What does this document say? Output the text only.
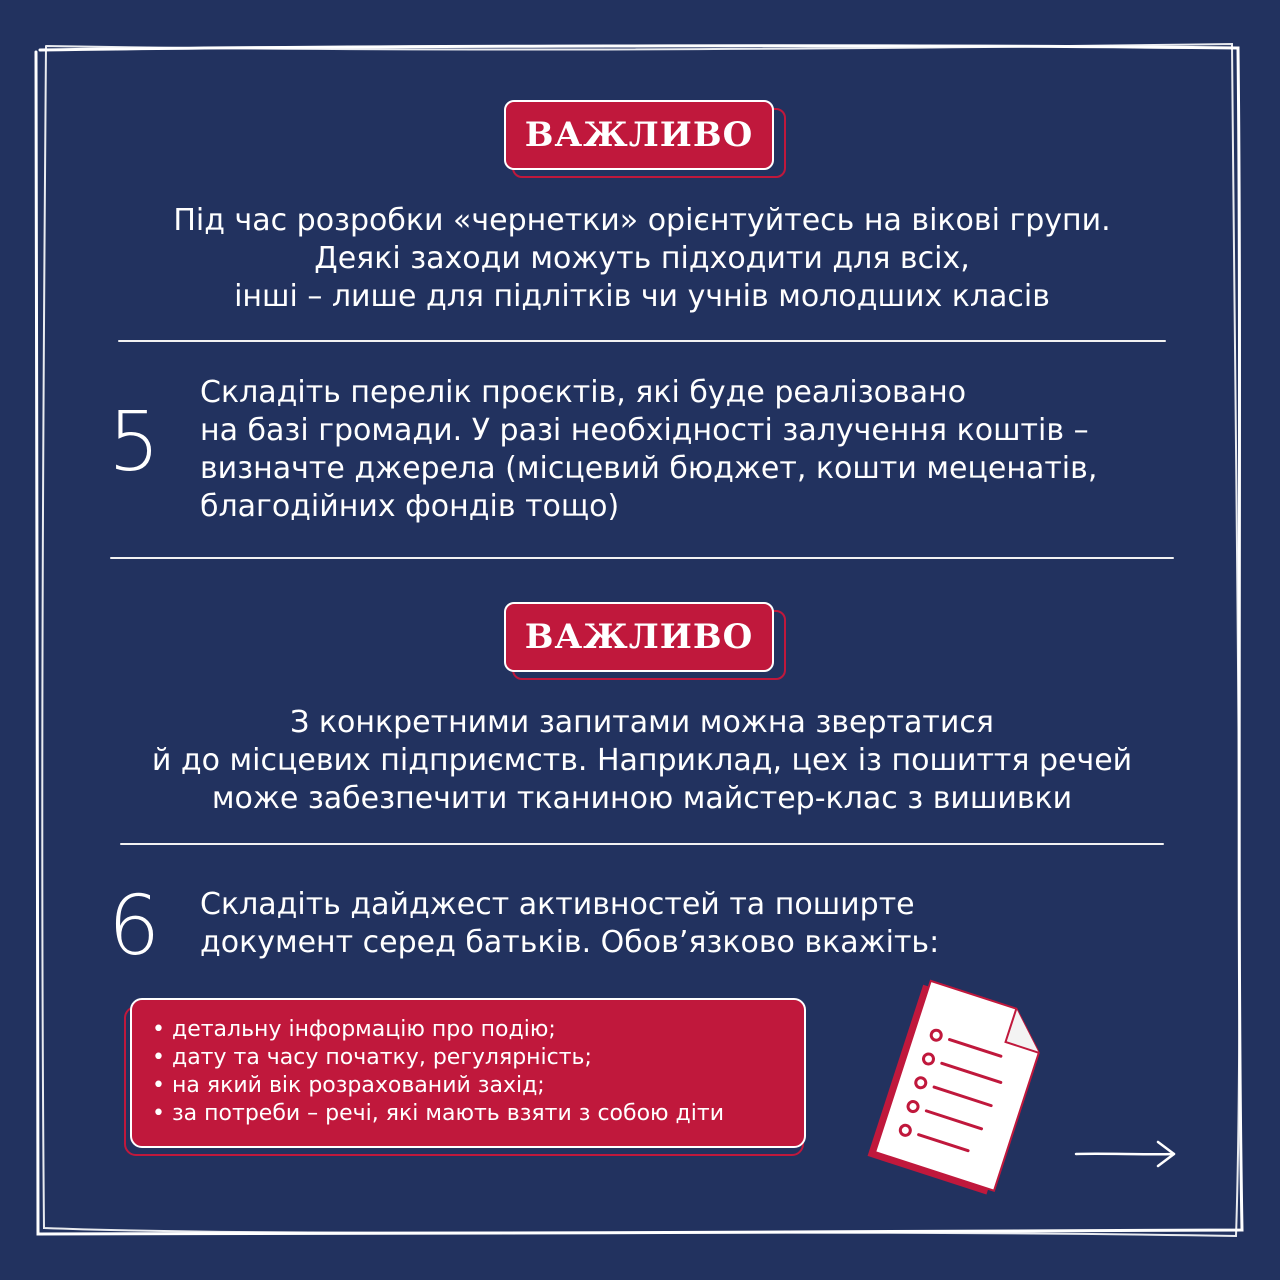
ВАЖЛИВО
Під час розробки «чернетки» орієнтуйтесь на вікові групи.
Деякі заходи можуть підходити для всіх,
інші – лише для підлітків чи учнів молодших класів
5
Складіть перелік проєктів, які буде реалізовано
на базі громади. У разі необхідності залучення коштів –
визначте джерела (місцевий бюджет, кошти меценатів,
благодійних фондів тощо)
ВАЖЛИВО
З конкретними запитами можна звертатися
й до місцевих підприємств. Наприклад, цех із пошиття речей
може забезпечити тканиною майстер-клас з вишивки
6 Складіть дайджест активностей та поширте
документ серед батьків. Обов’язково вкажіть:
• детальну інформацію про подію;
• дату та часу початку, регулярність;
• на який вік розрахований захід;
• за потреби – речі, які мають взяти з собою діти
